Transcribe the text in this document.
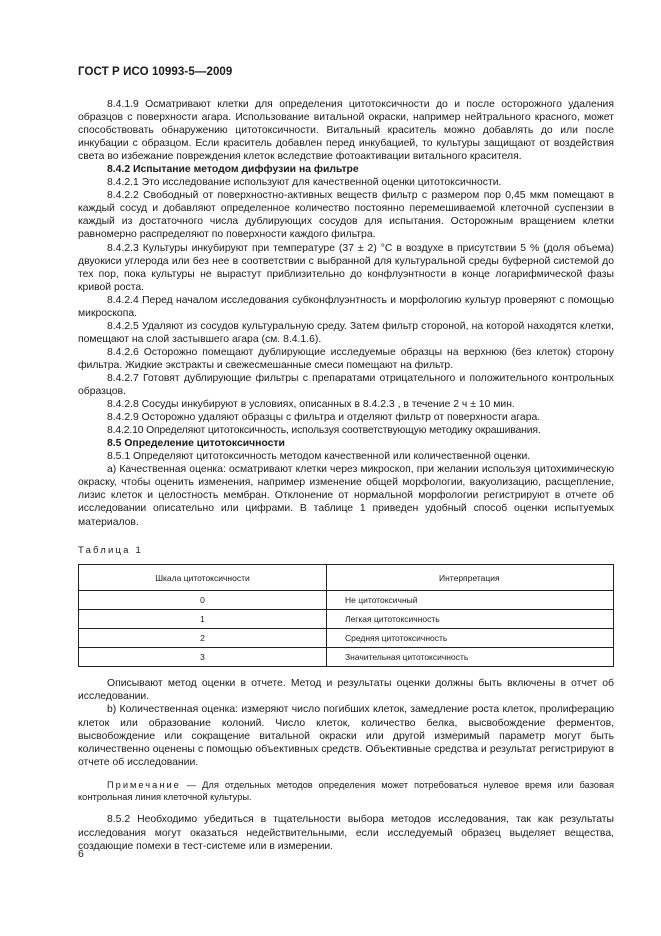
ГОСТ Р ИСО 10993-5—2009

8.4.1.9 Осматривают клетки для определения цитотоксичности до и после осторожного удаления образцов с поверхности агара. Использование витальной окраски, например нейтрального красного, может способствовать обнаружению цитотоксичности. Витальный краситель можно добавлять до или после инкубации с образцом. Если краситель добавлен перед инкубацией, то культуры защищают от воздействия света во избежание повреждения клеток вследствие фотоактивации витального красителя.

8.4.2 Испытание методом диффузии на фильтре

8.4.2.1 Это исследование используют для качественной оценки цитотоксичности.

8.4.2.2 Свободный от поверхностно-активных веществ фильтр с размером пор 0,45 мкм помещают в каждый сосуд и добавляют определенное количество постоянно перемешиваемой клеточной суспензии в каждый из достаточного числа дублирующих сосудов для испытания. Осторожным вращением клетки равномерно распределяют по поверхности каждого фильтра.

8.4.2.3 Культуры инкубируют при температуре (37 ± 2) °С в воздухе в присутствии 5 % (доля объема) двуокиси углерода или без нее в соответствии с выбранной для культуральной среды буферной системой до тех пор, пока культуры не вырастут приблизительно до конфлуэнтности в конце логарифмической фазы кривой роста.

8.4.2.4 Перед началом исследования субконфлуэнтность и морфологию культур проверяют с помощью микроскопа.

8.4.2.5 Удаляют из сосудов культуральную среду. Затем фильтр стороной, на которой находятся клетки, помещают на слой застывшего агара (см. 8.4.1.6).

8.4.2.6 Осторожно помещают дублирующие исследуемые образцы на верхнюю (без клеток) сторону фильтра. Жидкие экстракты и свежесмешанные смеси помещают на фильтр.

8.4.2.7 Готовят дублирующие фильтры с препаратами отрицательного и положительного контрольных образцов.

8.4.2.8 Сосуды инкубируют в условиях, описанных в 8.4.2.3 , в течение 2 ч ± 10 мин.

8.4.2.9 Осторожно удаляют образцы с фильтра и отделяют фильтр от поверхности агара.

8.4.2.10 Определяют цитотоксичность, используя соответствующую методику окрашивания.

8.5 Определение цитотоксичности

8.5.1 Определяют цитотоксичность методом качественной или количественной оценки.

а) Качественная оценка: осматривают клетки через микроскоп, при желании используя цитохимическую окраску, чтобы оценить изменения, например изменение общей морфологии, вакуолизацию, расщепление, лизис клеток и целостность мембран. Отклонение от нормальной морфологии регистрируют в отчете об исследовании описательно или цифрами. В таблице 1 приведен удобный способ оценки испытуемых материалов.

Таблица 1
Шкала цитотоксичности	Интерпретация
0	Не цитотоксичный
1	Легкая цитотоксичность
2	Средняя цитотоксичность
3	Значительная цитотоксичность

Описывают метод оценки в отчете. Метод и результаты оценки должны быть включены в отчет об исследовании.

b) Количественная оценка: измеряют число погибших клеток, замедление роста клеток, пролиферацию клеток или образование колоний. Число клеток, количество белка, высвобождение ферментов, высвобождение или сокращение витальной окраски или другой измеримый параметр могут быть количественно оценены с помощью объективных средств. Объективные средства и результат регистрируют в отчете об исследовании.

Примечание — Для отдельных методов определения может потребоваться нулевое время или базовая контрольная линия клеточной культуры.

8.5.2 Необходимо убедиться в тщательности выбора методов исследования, так как результаты исследования могут оказаться недействительными, если исследуемый образец выделяет вещества, создающие помехи в тест-системе или в измерении.

6
